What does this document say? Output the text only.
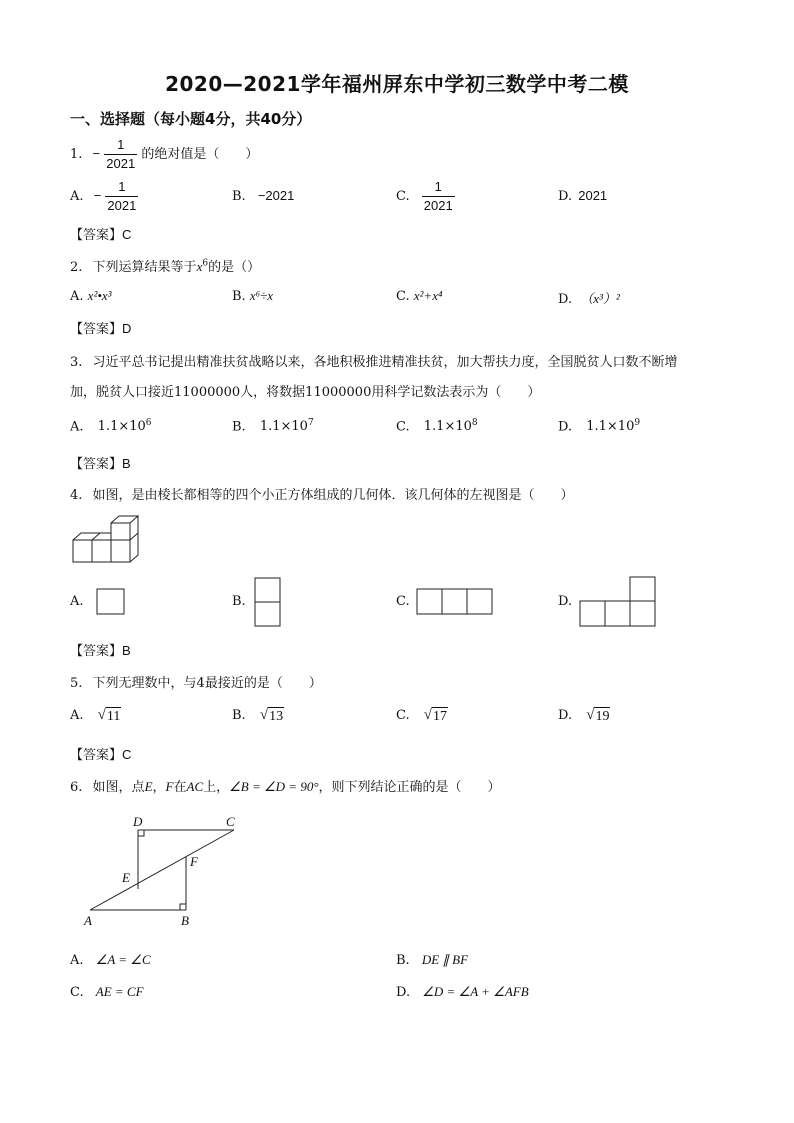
2020—2021学年福州屏东中学初三数学中考二模
一、选择题（每小题4分，共40分）
1. − $\frac{1}{2021}$ 的绝对值是（　　）
A. − $\frac{1}{2021}$	B. −2021	C. $\frac{1}{2021}$	D. 2021
【答案】C
2. 下列运算结果等于$x^6$的是（）
A. x²•x³	B. x⁶÷x	C. x²+x⁴	D. （x³）²
【答案】D
3. 习近平总书记提出精准扶贫战略以来，各地积极推进精准扶贫，加大帮扶力度，全国脱贫人口数不断增
加，脱贫人口接近11000000人，将数据11000000用科学记数法表示为（　　）
A. $1.1\times 10^6$	B. $1.1\times 10^7$	C. $1.1\times 10^8$	D. $1.1\times 10^9$
【答案】B
4. 如图，是由棱长都相等的四个小正方体组成的几何体．该几何体的左视图是（　　）
A.	B.	C.	D.
【答案】B
5. 下列无理数中，与4最接近的是（　　）
A. √ 11	B. √ 13	C. √ 17	D. √ 19
【答案】C
6. 如图，点E，F在AC上，∠B = ∠D = 90°，则下列结论正确的是（　　）
D	C
E
F
A	B
A. ∠A = ∠C	B. DE ∥ BF
C. AE = CF	D. ∠D = ∠A + ∠AFB
